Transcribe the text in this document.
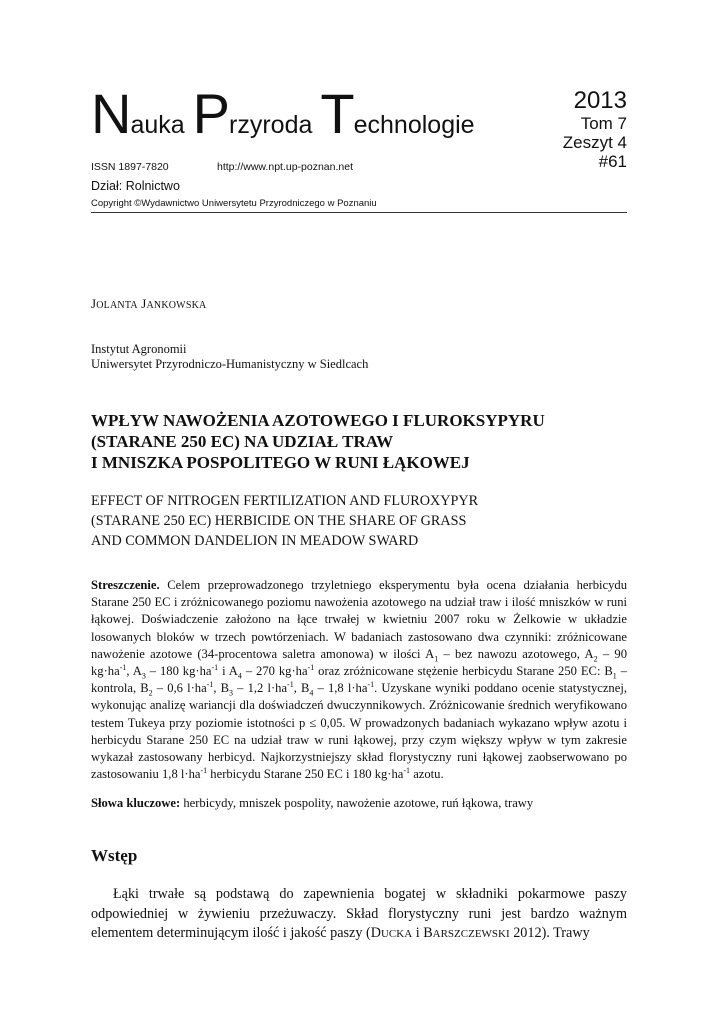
Nauka Przyroda Technologie
2013
Tom 7
Zeszyt 4
#61
ISSN 1897-7820	http://www.npt.up-poznan.net
Dział: Rolnictwo
Copyright ©Wydawnictwo Uniwersytetu Przyrodniczego w Poznaniu
JOLANTA JANKOWSKA
Instytut Agronomii
Uniwersytet Przyrodniczo-Humanistyczny w Siedlcach
WPŁYW NAWOŻENIA AZOTOWEGO I FLUROKSYPYRU
(STARANE 250 EC) NA UDZIAŁ TRAW
I MNISZKA POSPOLITEGO W RUNI ŁĄKOWEJ
EFFECT OF NITROGEN FERTILIZATION AND FLUROXYPYR
(STARANE 250 EC) HERBICIDE ON THE SHARE OF GRASS
AND COMMON DANDELION IN MEADOW SWARD
Streszczenie. Celem przeprowadzonego trzyletniego eksperymentu była ocena działania herbicydu Starane 250 EC i zróżnicowanego poziomu nawożenia azotowego na udział traw i ilość mniszków w runi łąkowej. Doświadczenie założono na łące trwałej w kwietniu 2007 roku w Żelkowie w układzie losowanych bloków w trzech powtórzeniach. W badaniach zastosowano dwa czynniki: zróżnicowane nawożenie azotowe (34-procentowa saletra amonowa) w ilości $A_1$ – bez nawozu azotowego, $A_2 - 90$ $kg\cdot ha^{-1}$, $A_3 - 180$ $kg\cdot ha^{-1}$ i $A_4 - 270$ $kg\cdot ha^{-1}$ oraz zróżnicowane stężenie herbicydu Starane 250 EC: $B_1$ – kontrola, $B_2 - 0,6$ $l\cdot ha^{-1}$, $B_3 - 1,2$ $l\cdot ha^{-1}$, $B_4 - 1,8$ $l\cdot ha^{-1}$. Uzyskane wyniki poddano ocenie statystycznej, wykonując analizę wariancji dla doświadczeń dwuczynnikowych. Zróżnicowanie średnich weryfikowano testem Tukeya przy poziomie istotności p ≤ 0,05. W prowadzonych badaniach wykazano wpływ azotu i herbicydu Starane 250 EC na udział traw w runi łąkowej, przy czym większy wpływ w tym zakresie wykazał zastosowany herbicyd. Najkorzystniejszy skład florystyczny runi łąkowej zaobserwowano po zastosowaniu 1,8 $l\cdot ha^{-1}$ herbicydu Starane 250 EC i 180 $kg\cdot ha^{-1}$ azotu.
Słowa kluczowe: herbicydy, mniszek pospolity, nawożenie azotowe, ruń łąkowa, trawy
Wstęp
Łąki trwałe są podstawą do zapewnienia bogatej w składniki pokarmowe paszy odpowiedniej w żywieniu przeżuwaczy. Skład florystyczny runi jest bardzo ważnym elementem determinującym ilość i jakość paszy (DUCKA i BARSZCZEWSKI 2012). Trawy
